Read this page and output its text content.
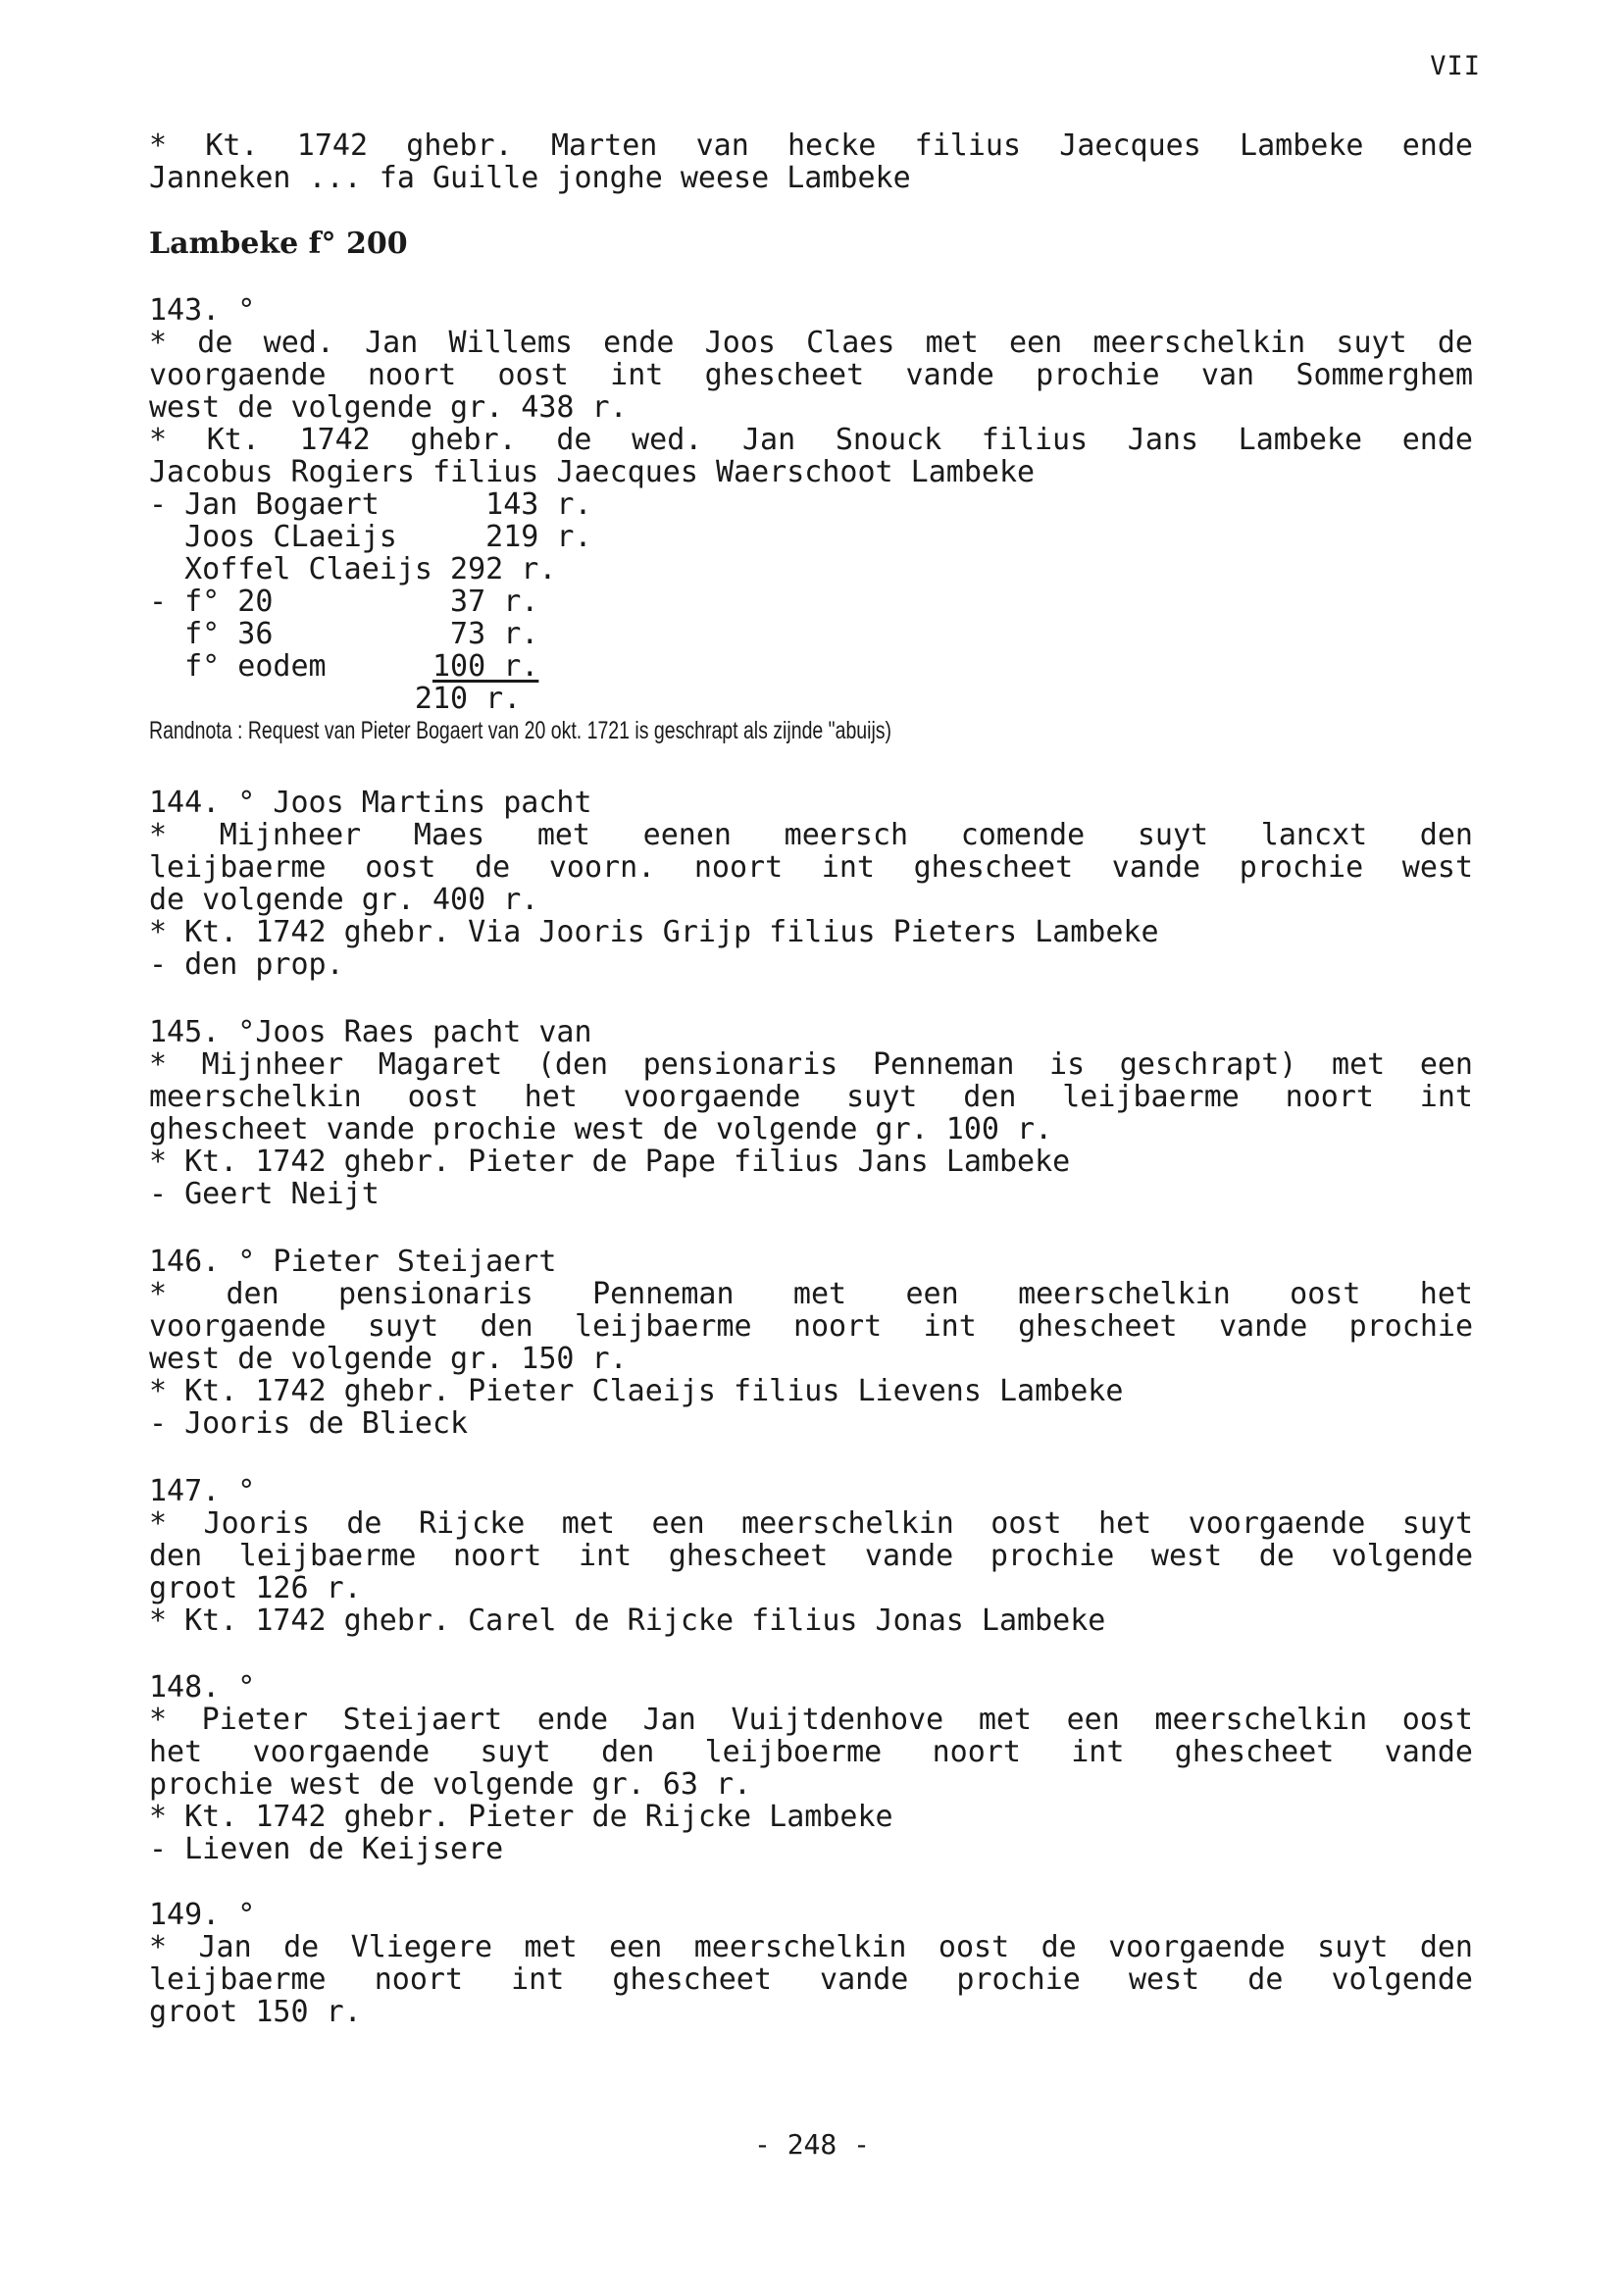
VII
* Kt. 1742 ghebr. Marten van hecke filius Jaecques Lambeke ende
Janneken ... fa Guille jonghe weese Lambeke
Lambeke f° 200
143. °
* de wed. Jan Willems ende Joos Claes met een meerschelkin suyt de
voorgaende noort oost int ghescheet vande prochie van Sommerghem
west de volgende gr. 438 r.
* Kt. 1742 ghebr. de wed. Jan Snouck filius Jans Lambeke ende
Jacobus Rogiers filius Jaecques Waerschoot Lambeke
- Jan Bogaert      143 r.
Joos CLaeijs     219 r.
Xoffel Claeijs 292 r.
- f° 20          37 r.
f° 36          73 r.
f° eodem      100 r.
210 r.
Randnota : Request van Pieter Bogaert van 20 okt. 1721 is geschrapt als zijnde "abuijs)
144. ° Joos Martins pacht
* Mijnheer Maes met eenen meersch comende suyt lancxt den
leijbaerme oost de voorn. noort int ghescheet vande prochie west
de volgende gr. 400 r.
* Kt. 1742 ghebr. Via Jooris Grijp filius Pieters Lambeke
- den prop.
145. °Joos Raes pacht van
* Mijnheer Magaret (den pensionaris Penneman is geschrapt) met een
meerschelkin oost het voorgaende suyt den leijbaerme noort int
ghescheet vande prochie west de volgende gr. 100 r.
* Kt. 1742 ghebr. Pieter de Pape filius Jans Lambeke
- Geert Neijt
146. ° Pieter Steijaert
* den pensionaris Penneman met een meerschelkin oost het
voorgaende suyt den leijbaerme noort int ghescheet vande prochie
west de volgende gr. 150 r.
* Kt. 1742 ghebr. Pieter Claeijs filius Lievens Lambeke
- Jooris de Blieck
147. °
* Jooris de Rijcke met een meerschelkin oost het voorgaende suyt
den leijbaerme noort int ghescheet vande prochie west de volgende
groot 126 r.
* Kt. 1742 ghebr. Carel de Rijcke filius Jonas Lambeke
148. °
* Pieter Steijaert ende Jan Vuijtdenhove met een meerschelkin oost
het voorgaende suyt den leijboerme noort int ghescheet vande
prochie west de volgende gr. 63 r.
* Kt. 1742 ghebr. Pieter de Rijcke Lambeke
- Lieven de Keijsere
149. °
* Jan de Vliegere met een meerschelkin oost de voorgaende suyt den
leijbaerme noort int ghescheet vande prochie west de volgende
groot 150 r.
- 248 -
